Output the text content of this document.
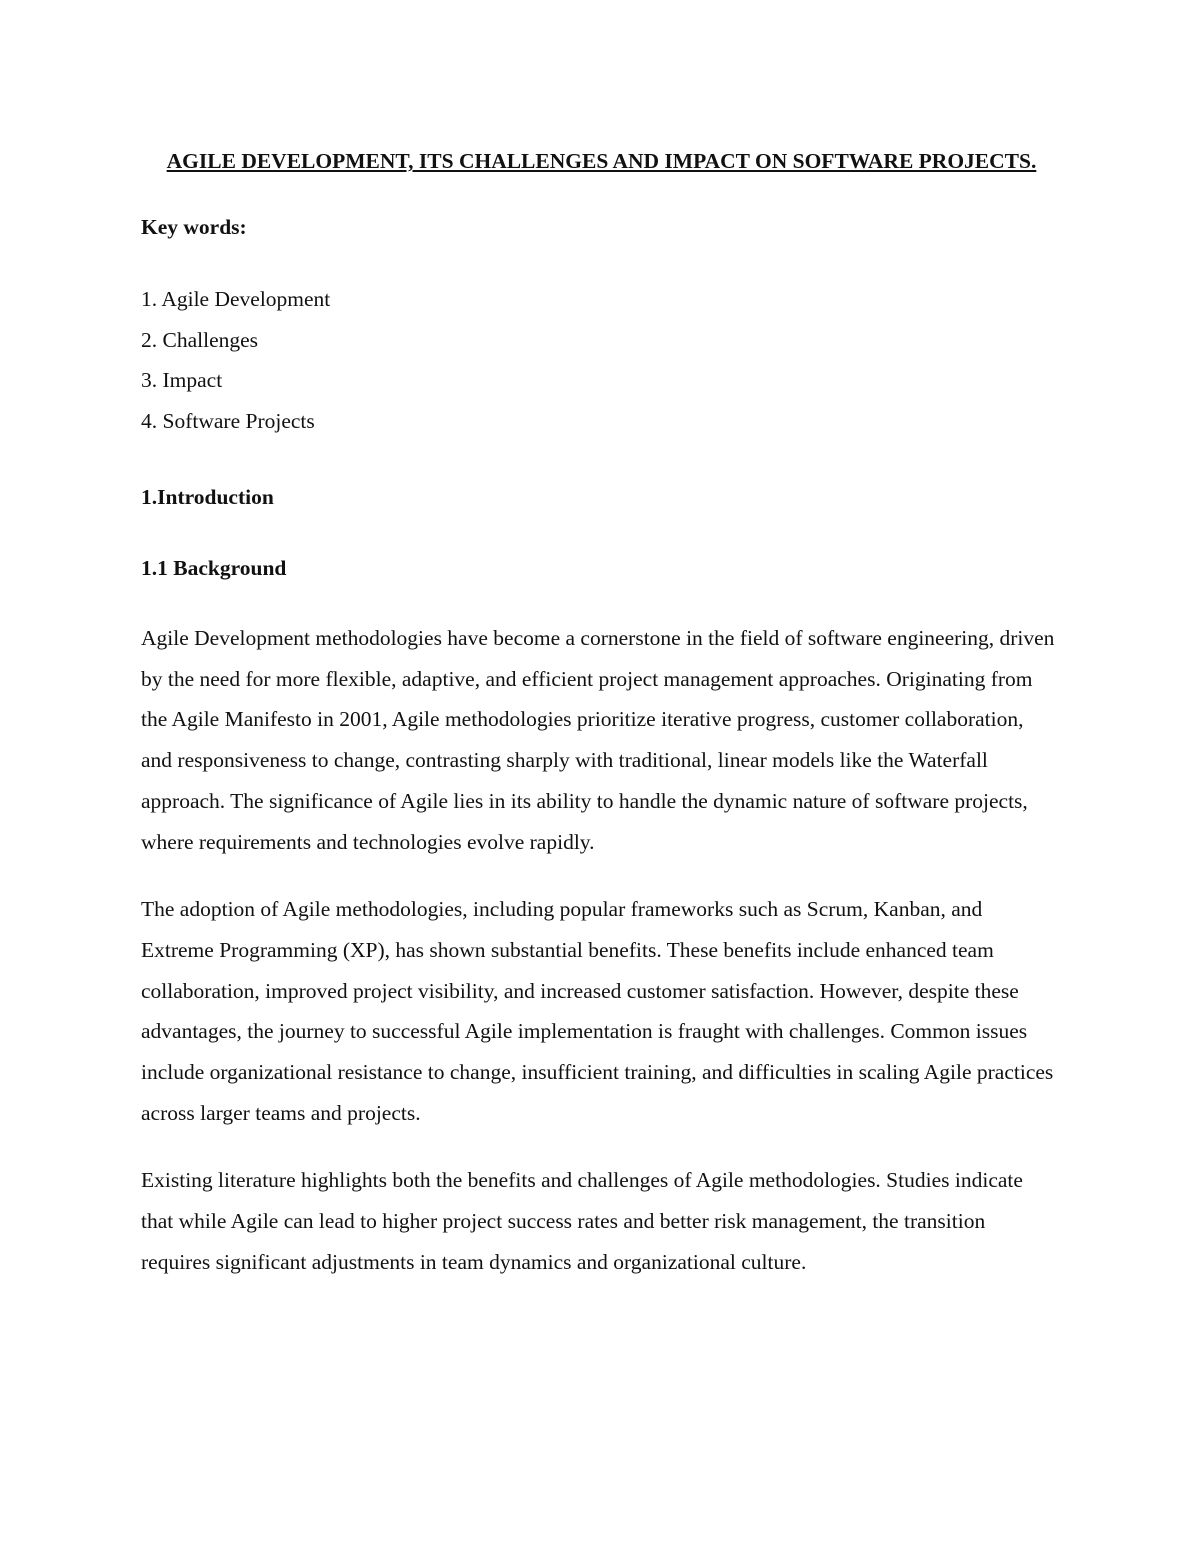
AGILE DEVELOPMENT, ITS CHALLENGES AND IMPACT ON SOFTWARE PROJECTS.

Key words:

1. Agile Development
2. Challenges
3. Impact
4. Software Projects
1.Introduction
1.1 Background

Agile Development methodologies have become a cornerstone in the field of software engineering, driven by the need for more flexible, adaptive, and efficient project management approaches. Originating from the Agile Manifesto in 2001, Agile methodologies prioritize iterative progress, customer collaboration, and responsiveness to change, contrasting sharply with traditional, linear models like the Waterfall approach. The significance of Agile lies in its ability to handle the dynamic nature of software projects, where requirements and technologies evolve rapidly.

The adoption of Agile methodologies, including popular frameworks such as Scrum, Kanban, and Extreme Programming (XP), has shown substantial benefits. These benefits include enhanced team collaboration, improved project visibility, and increased customer satisfaction. However, despite these advantages, the journey to successful Agile implementation is fraught with challenges. Common issues include organizational resistance to change, insufficient training, and difficulties in scaling Agile practices across larger teams and projects.

Existing literature highlights both the benefits and challenges of Agile methodologies. Studies indicate that while Agile can lead to higher project success rates and better risk management, the transition requires significant adjustments in team dynamics and organizational culture.
